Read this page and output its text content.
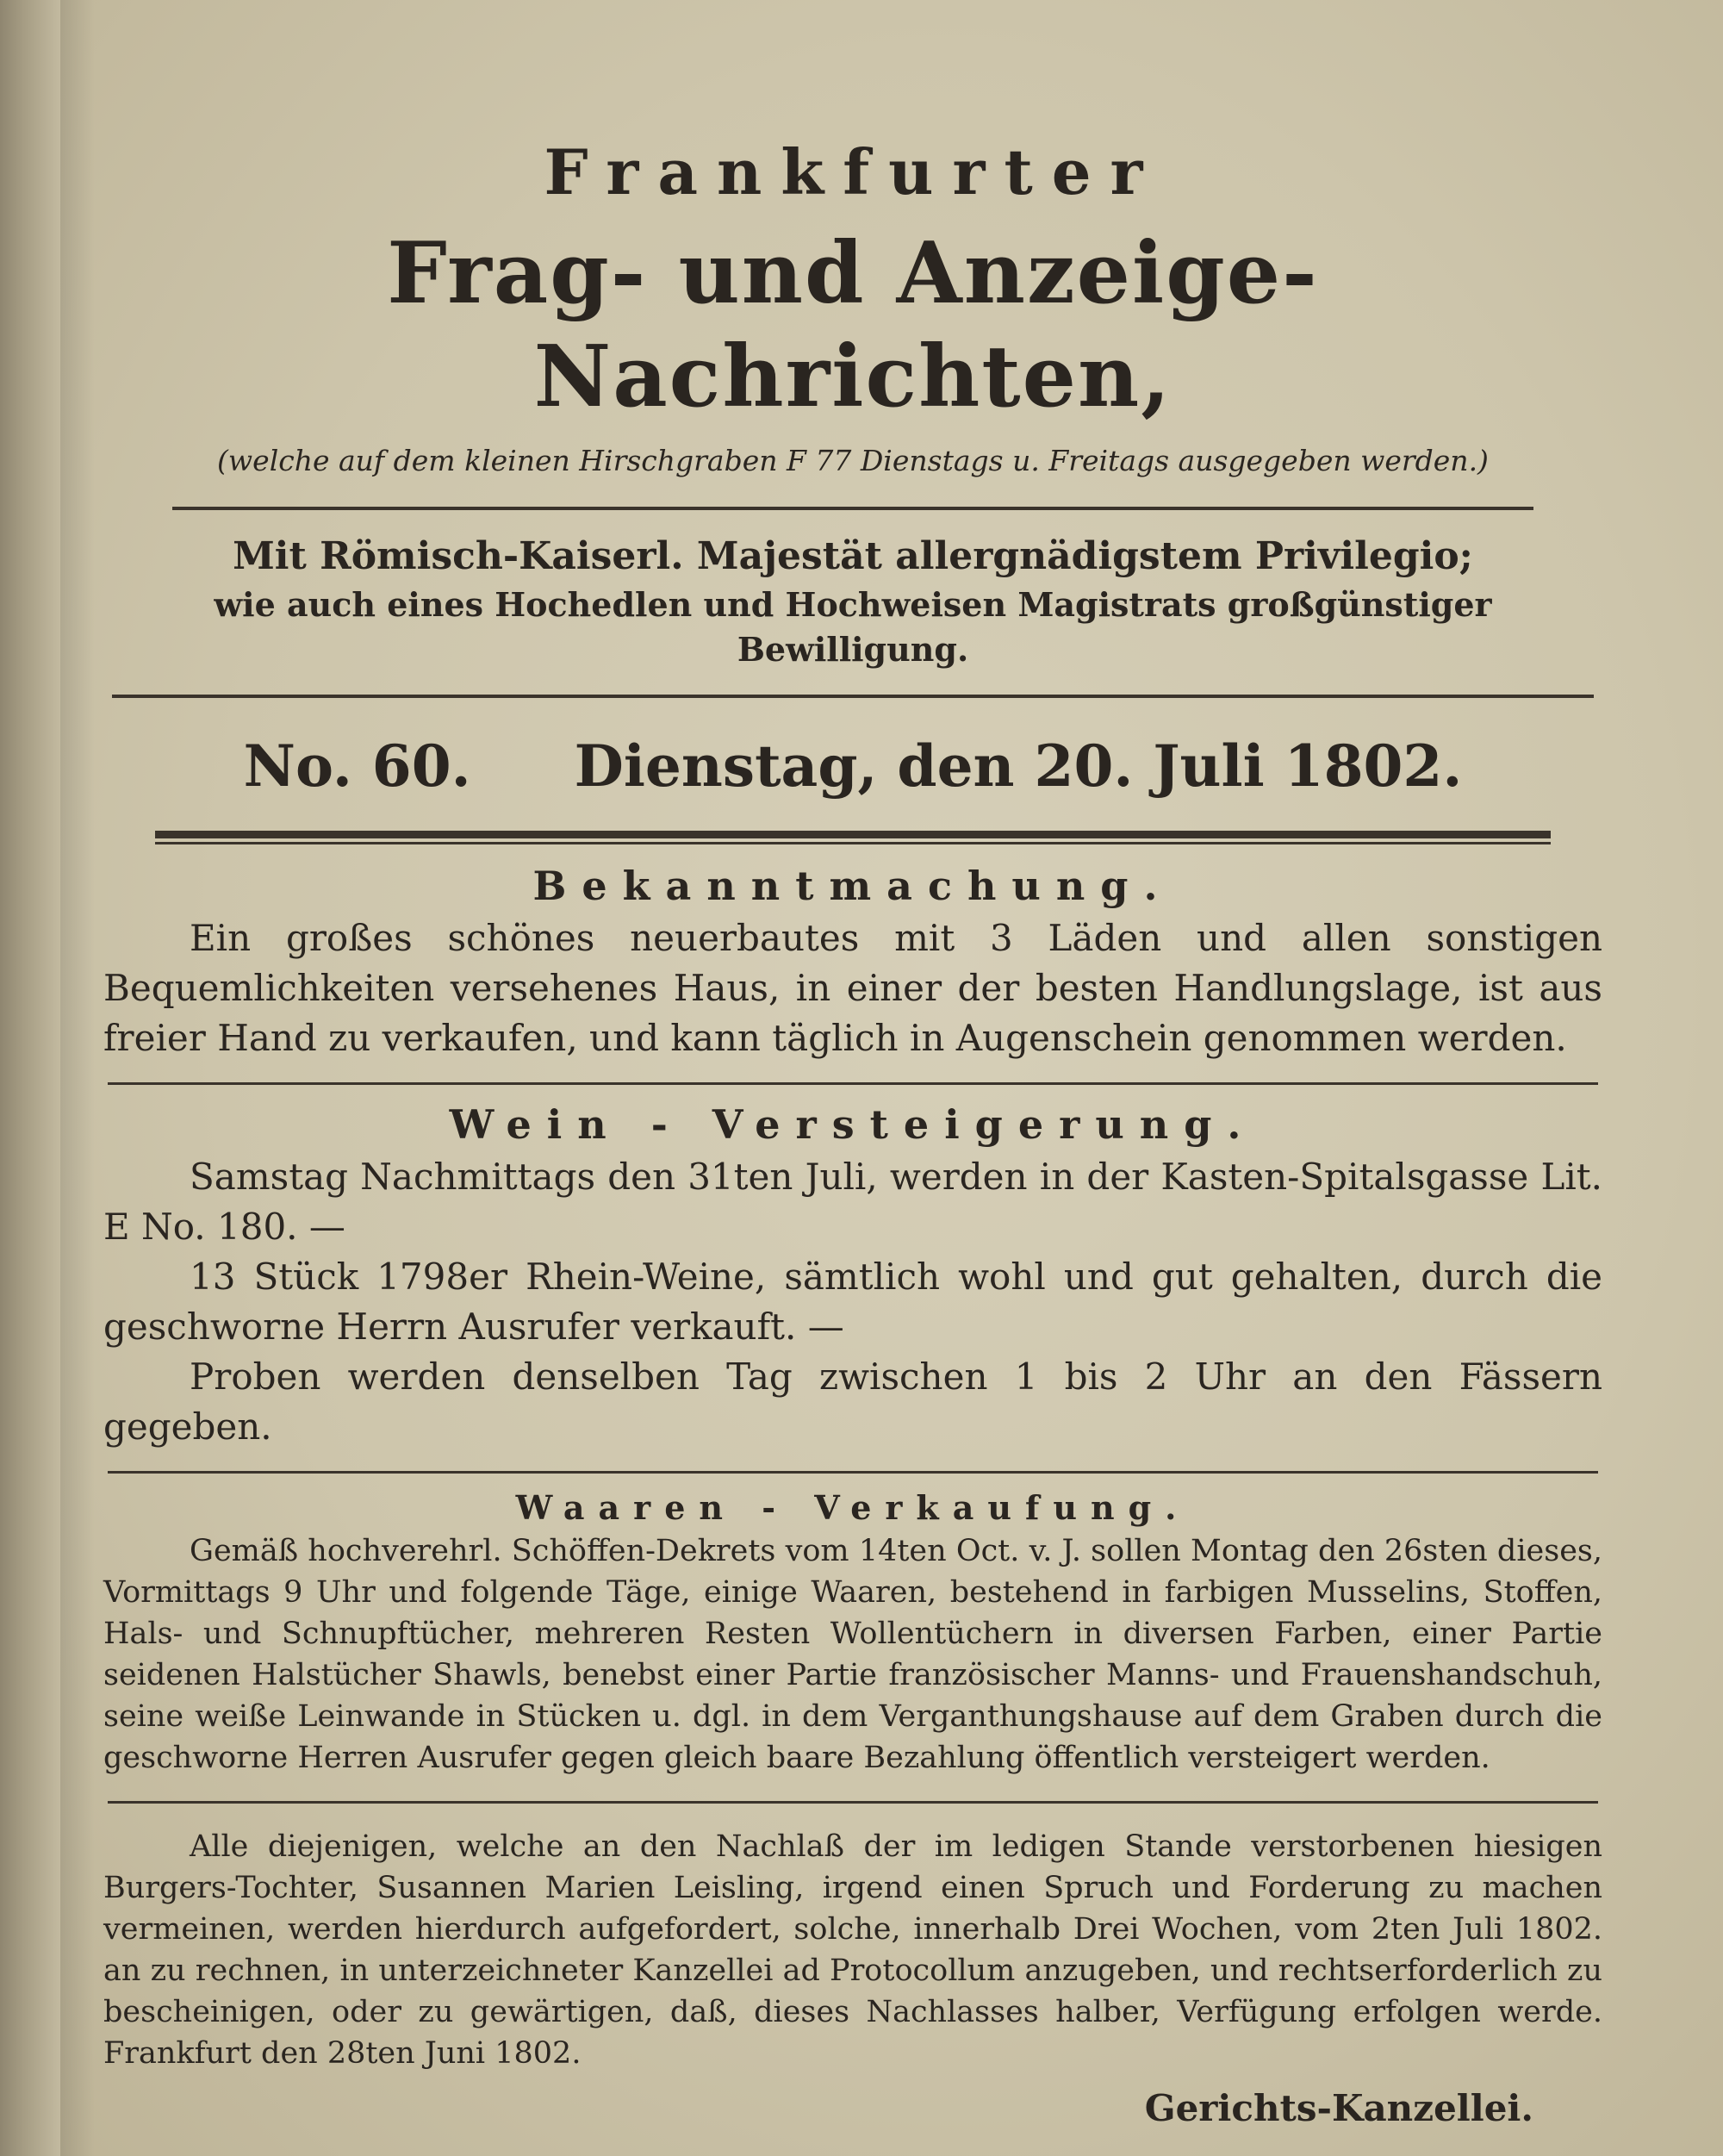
Frankfurter

Frag- und Anzeige-Nachrichten,

(welche auf dem kleinen Hirschgraben F 77 Dienstags u. Freitags ausgegeben werden.)

Mit Römisch-Kaiserl. Majestät allergnädigstem Privilegio;

wie auch eines Hochedlen und Hochweisen Magistrats großgünstiger Bewilligung.

No. 60. Dienstag, den 20. Juli 1802.

Bekanntmachung.

Ein großes schönes neuerbautes mit 3 Läden und allen sonstigen Bequemlichkeiten versehenes Haus, in einer der besten Handlungslage, ist aus freier Hand zu verkaufen, und kann täglich in Augenschein genommen werden.

Wein - Versteigerung.

Samstag Nachmittags den 31ten Juli, werden in der Kasten-Spitalsgasse Lit. E No. 180. —

13 Stück 1798er Rhein-Weine, sämtlich wohl und gut gehalten, durch die geschworne Herrn Ausrufer verkauft. —

Proben werden denselben Tag zwischen 1 bis 2 Uhr an den Fässern gegeben.

Waaren - Verkaufung.

Gemäß hochverehrl. Schöffen-Dekrets vom 14ten Oct. v. J. sollen Montag den 26sten dieses, Vormittags 9 Uhr und folgende Täge, einige Waaren, bestehend in farbigen Musselins, Stoffen, Hals- und Schnupftücher, mehreren Resten Wollentüchern in diversen Farben, einer Partie seidenen Halstücher Shawls, benebst einer Partie französischer Manns- und Frauenshandschuh, seine weiße Leinwande in Stücken u. dgl. in dem Verganthungshause auf dem Graben durch die geschworne Herren Ausrufer gegen gleich baare Bezahlung öffentlich versteigert werden.

Alle diejenigen, welche an den Nachlaß der im ledigen Stande verstorbenen hiesigen Burgers-Tochter, Susannen Marien Leisling, irgend einen Spruch und Forderung zu machen vermeinen, werden hierdurch aufgefordert, solche, innerhalb Drei Wochen, vom 2ten Juli 1802. an zu rechnen, in unterzeichneter Kanzellei ad Protocollum anzugeben, und rechtserforderlich zu bescheinigen, oder zu gewärtigen, daß, dieses Nachlasses halber, Verfügung erfolgen werde. Frankfurt den 28ten Juni 1802.

Gerichts-Kanzellei.
